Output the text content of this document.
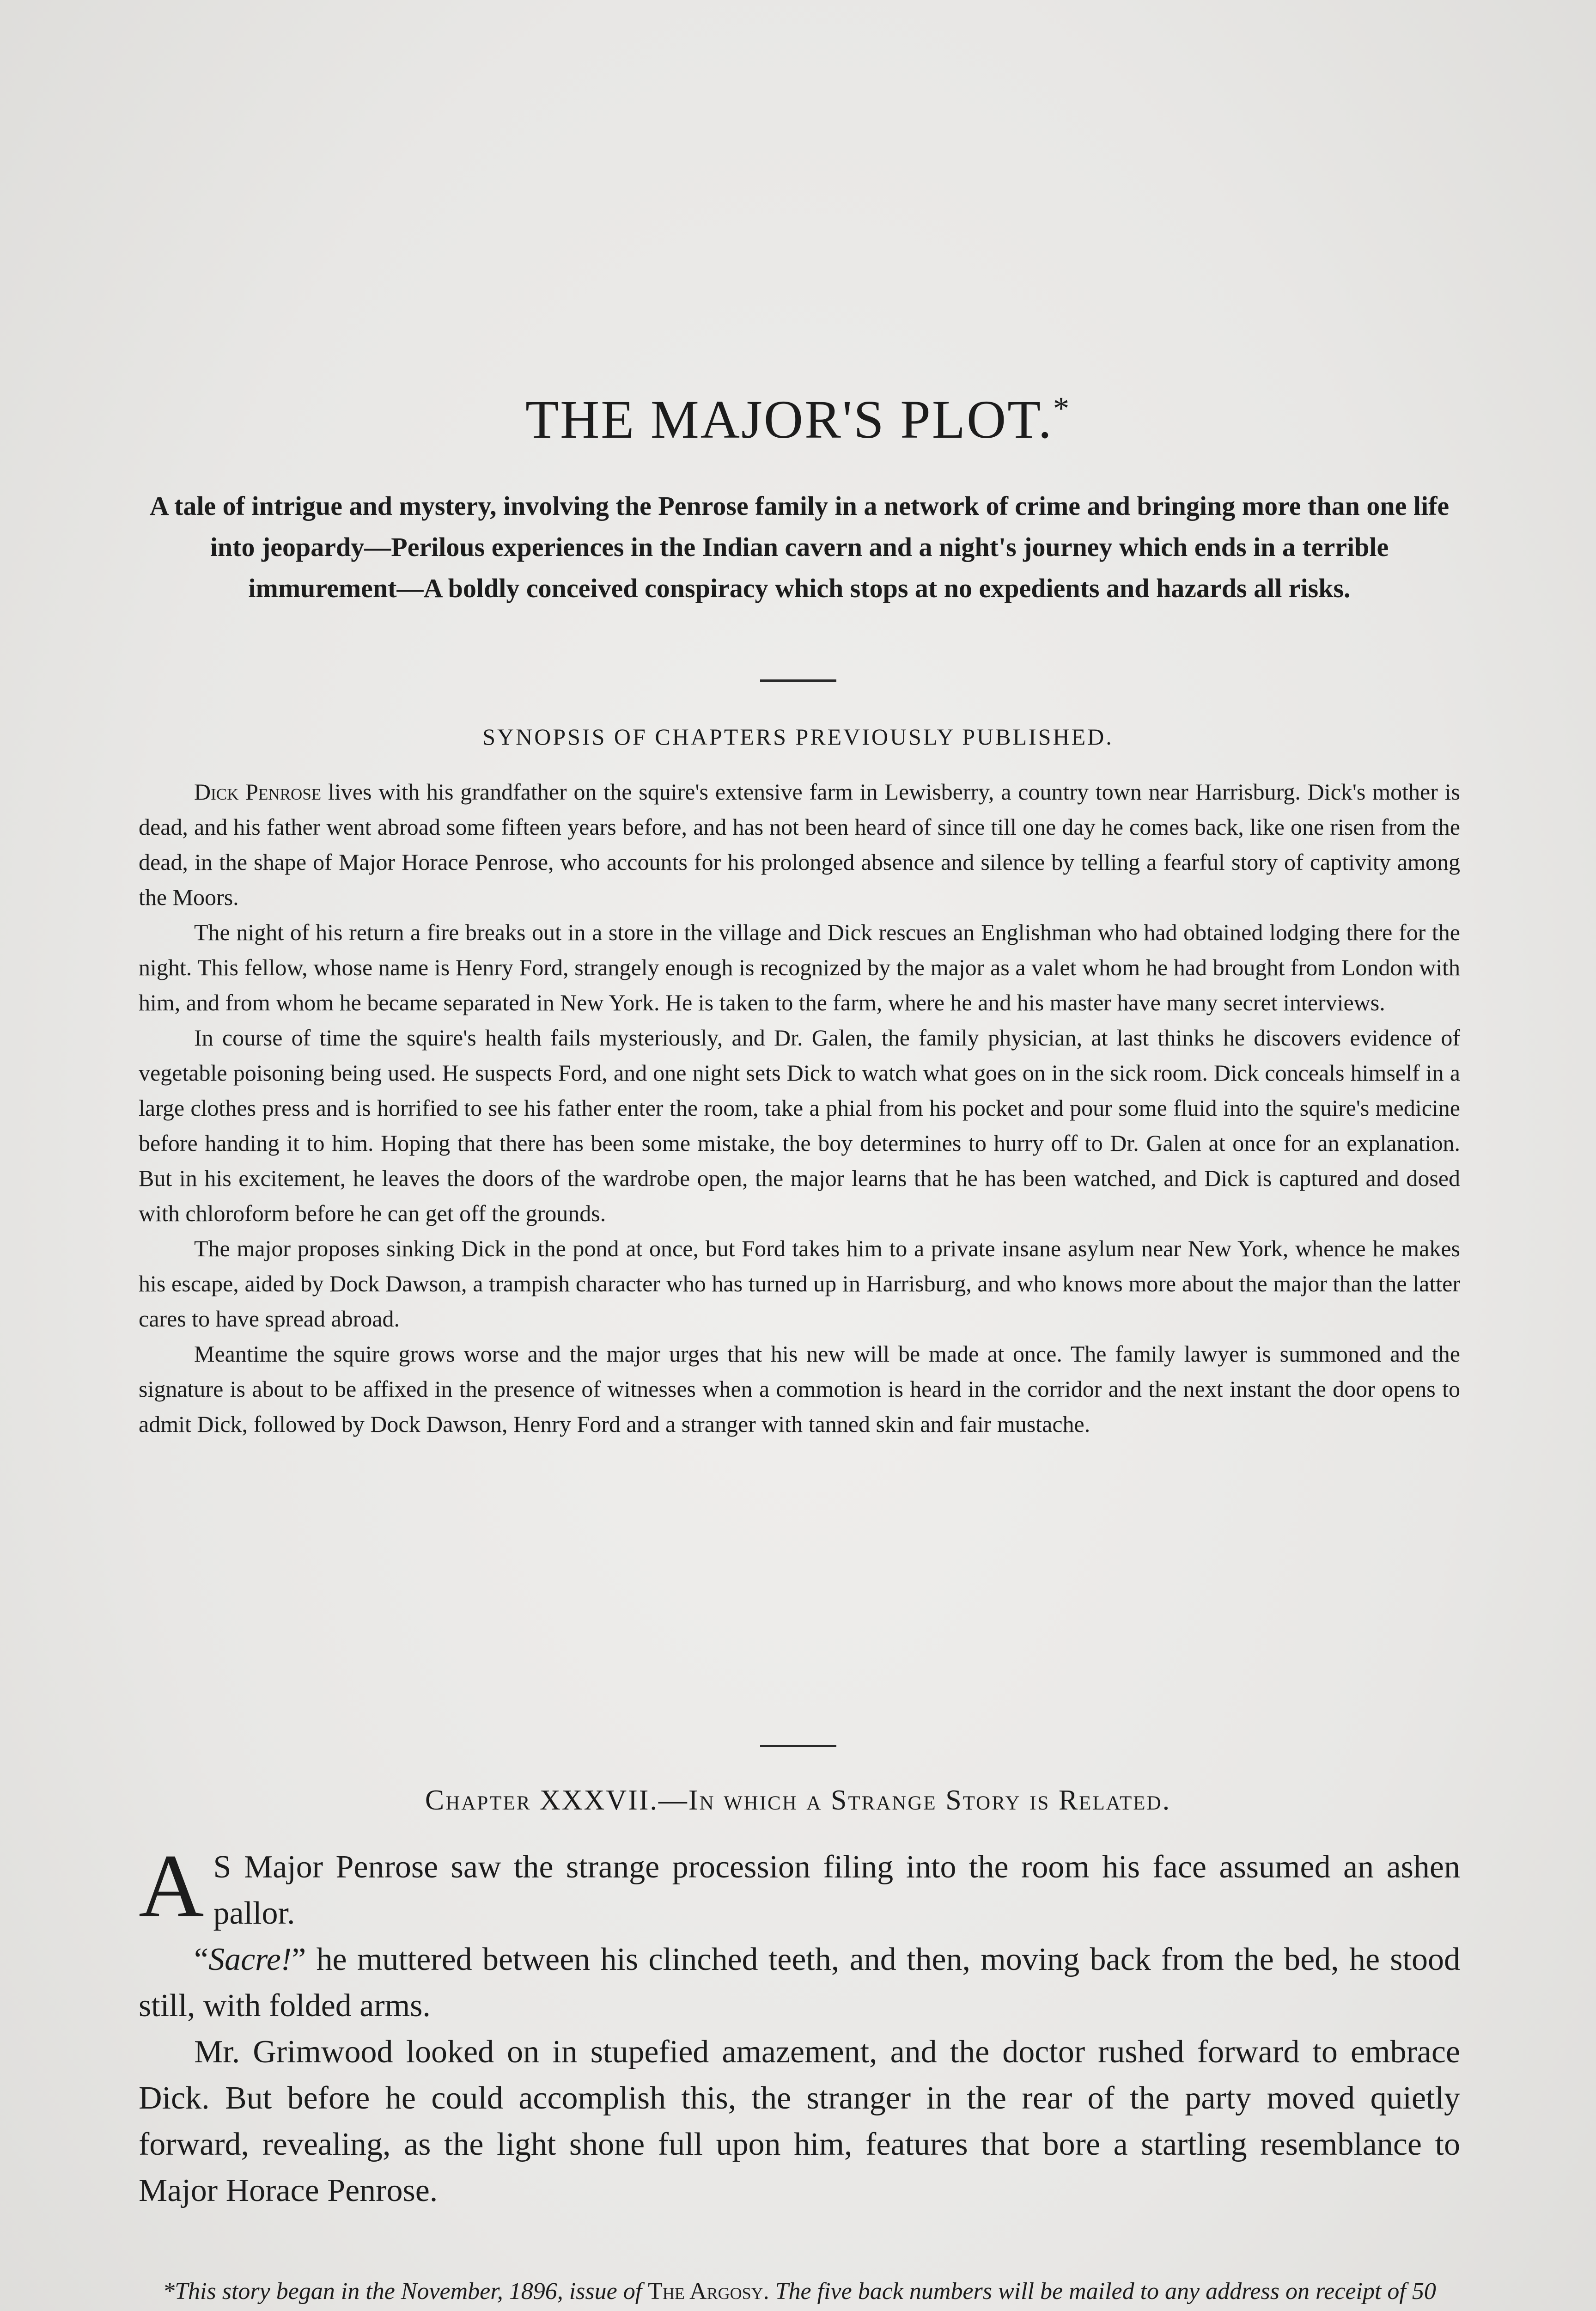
THE MAJOR'S PLOT.*
A tale of intrigue and mystery, involving the Penrose family in a network of crime and bringing more than one life into jeopardy—Perilous experiences in the Indian cavern and a night's journey which ends in a terrible immurement—A boldly conceived conspiracy which stops at no expedients and hazards all risks.
SYNOPSIS OF CHAPTERS PREVIOUSLY PUBLISHED.

Dick Penrose lives with his grandfather on the squire's extensive farm in Lewisberry, a country town near Harrisburg. Dick's mother is dead, and his father went abroad some fifteen years before, and has not been heard of since till one day he comes back, like one risen from the dead, in the shape of Major Horace Penrose, who accounts for his prolonged absence and silence by telling a fearful story of captivity among the Moors.

The night of his return a fire breaks out in a store in the village and Dick rescues an Englishman who had obtained lodging there for the night. This fellow, whose name is Henry Ford, strangely enough is recognized by the major as a valet whom he had brought from London with him, and from whom he became separated in New York. He is taken to the farm, where he and his master have many secret interviews.

In course of time the squire's health fails mysteriously, and Dr. Galen, the family physician, at last thinks he discovers evidence of vegetable poisoning being used. He suspects Ford, and one night sets Dick to watch what goes on in the sick room. Dick conceals himself in a large clothes press and is horrified to see his father enter the room, take a phial from his pocket and pour some fluid into the squire's medicine before handing it to him. Hoping that there has been some mistake, the boy determines to hurry off to Dr. Galen at once for an explanation. But in his excitement, he leaves the doors of the wardrobe open, the major learns that he has been watched, and Dick is captured and dosed with chloroform before he can get off the grounds.

The major proposes sinking Dick in the pond at once, but Ford takes him to a private insane asylum near New York, whence he makes his escape, aided by Dock Dawson, a trampish character who has turned up in Harrisburg, and who knows more about the major than the latter cares to have spread abroad.

Meantime the squire grows worse and the major urges that his new will be made at once. The family lawyer is summoned and the signature is about to be affixed in the presence of witnesses when a commotion is heard in the corridor and the next instant the door opens to admit Dick, followed by Dock Dawson, Henry Ford and a stranger with tanned skin and fair mustache.

Chapter XXXVII.—In which a Strange Story is Related.

A S Major Penrose saw the strange procession filing into the room his face assumed an ashen pallor.

“Sacre!” he muttered between his clinched teeth, and then, moving back from the bed, he stood still, with folded arms.

Mr. Grimwood looked on in stupefied amazement, and the doctor rushed forward to embrace Dick. But before he could accomplish this, the stranger in the rear of the party moved quietly forward, revealing, as the light shone full upon him, features that bore a startling resemblance to Major Horace Penrose.

*This story began in the November, 1896, issue of The Argosy. The five back numbers will be mailed to any address on receipt of 50
